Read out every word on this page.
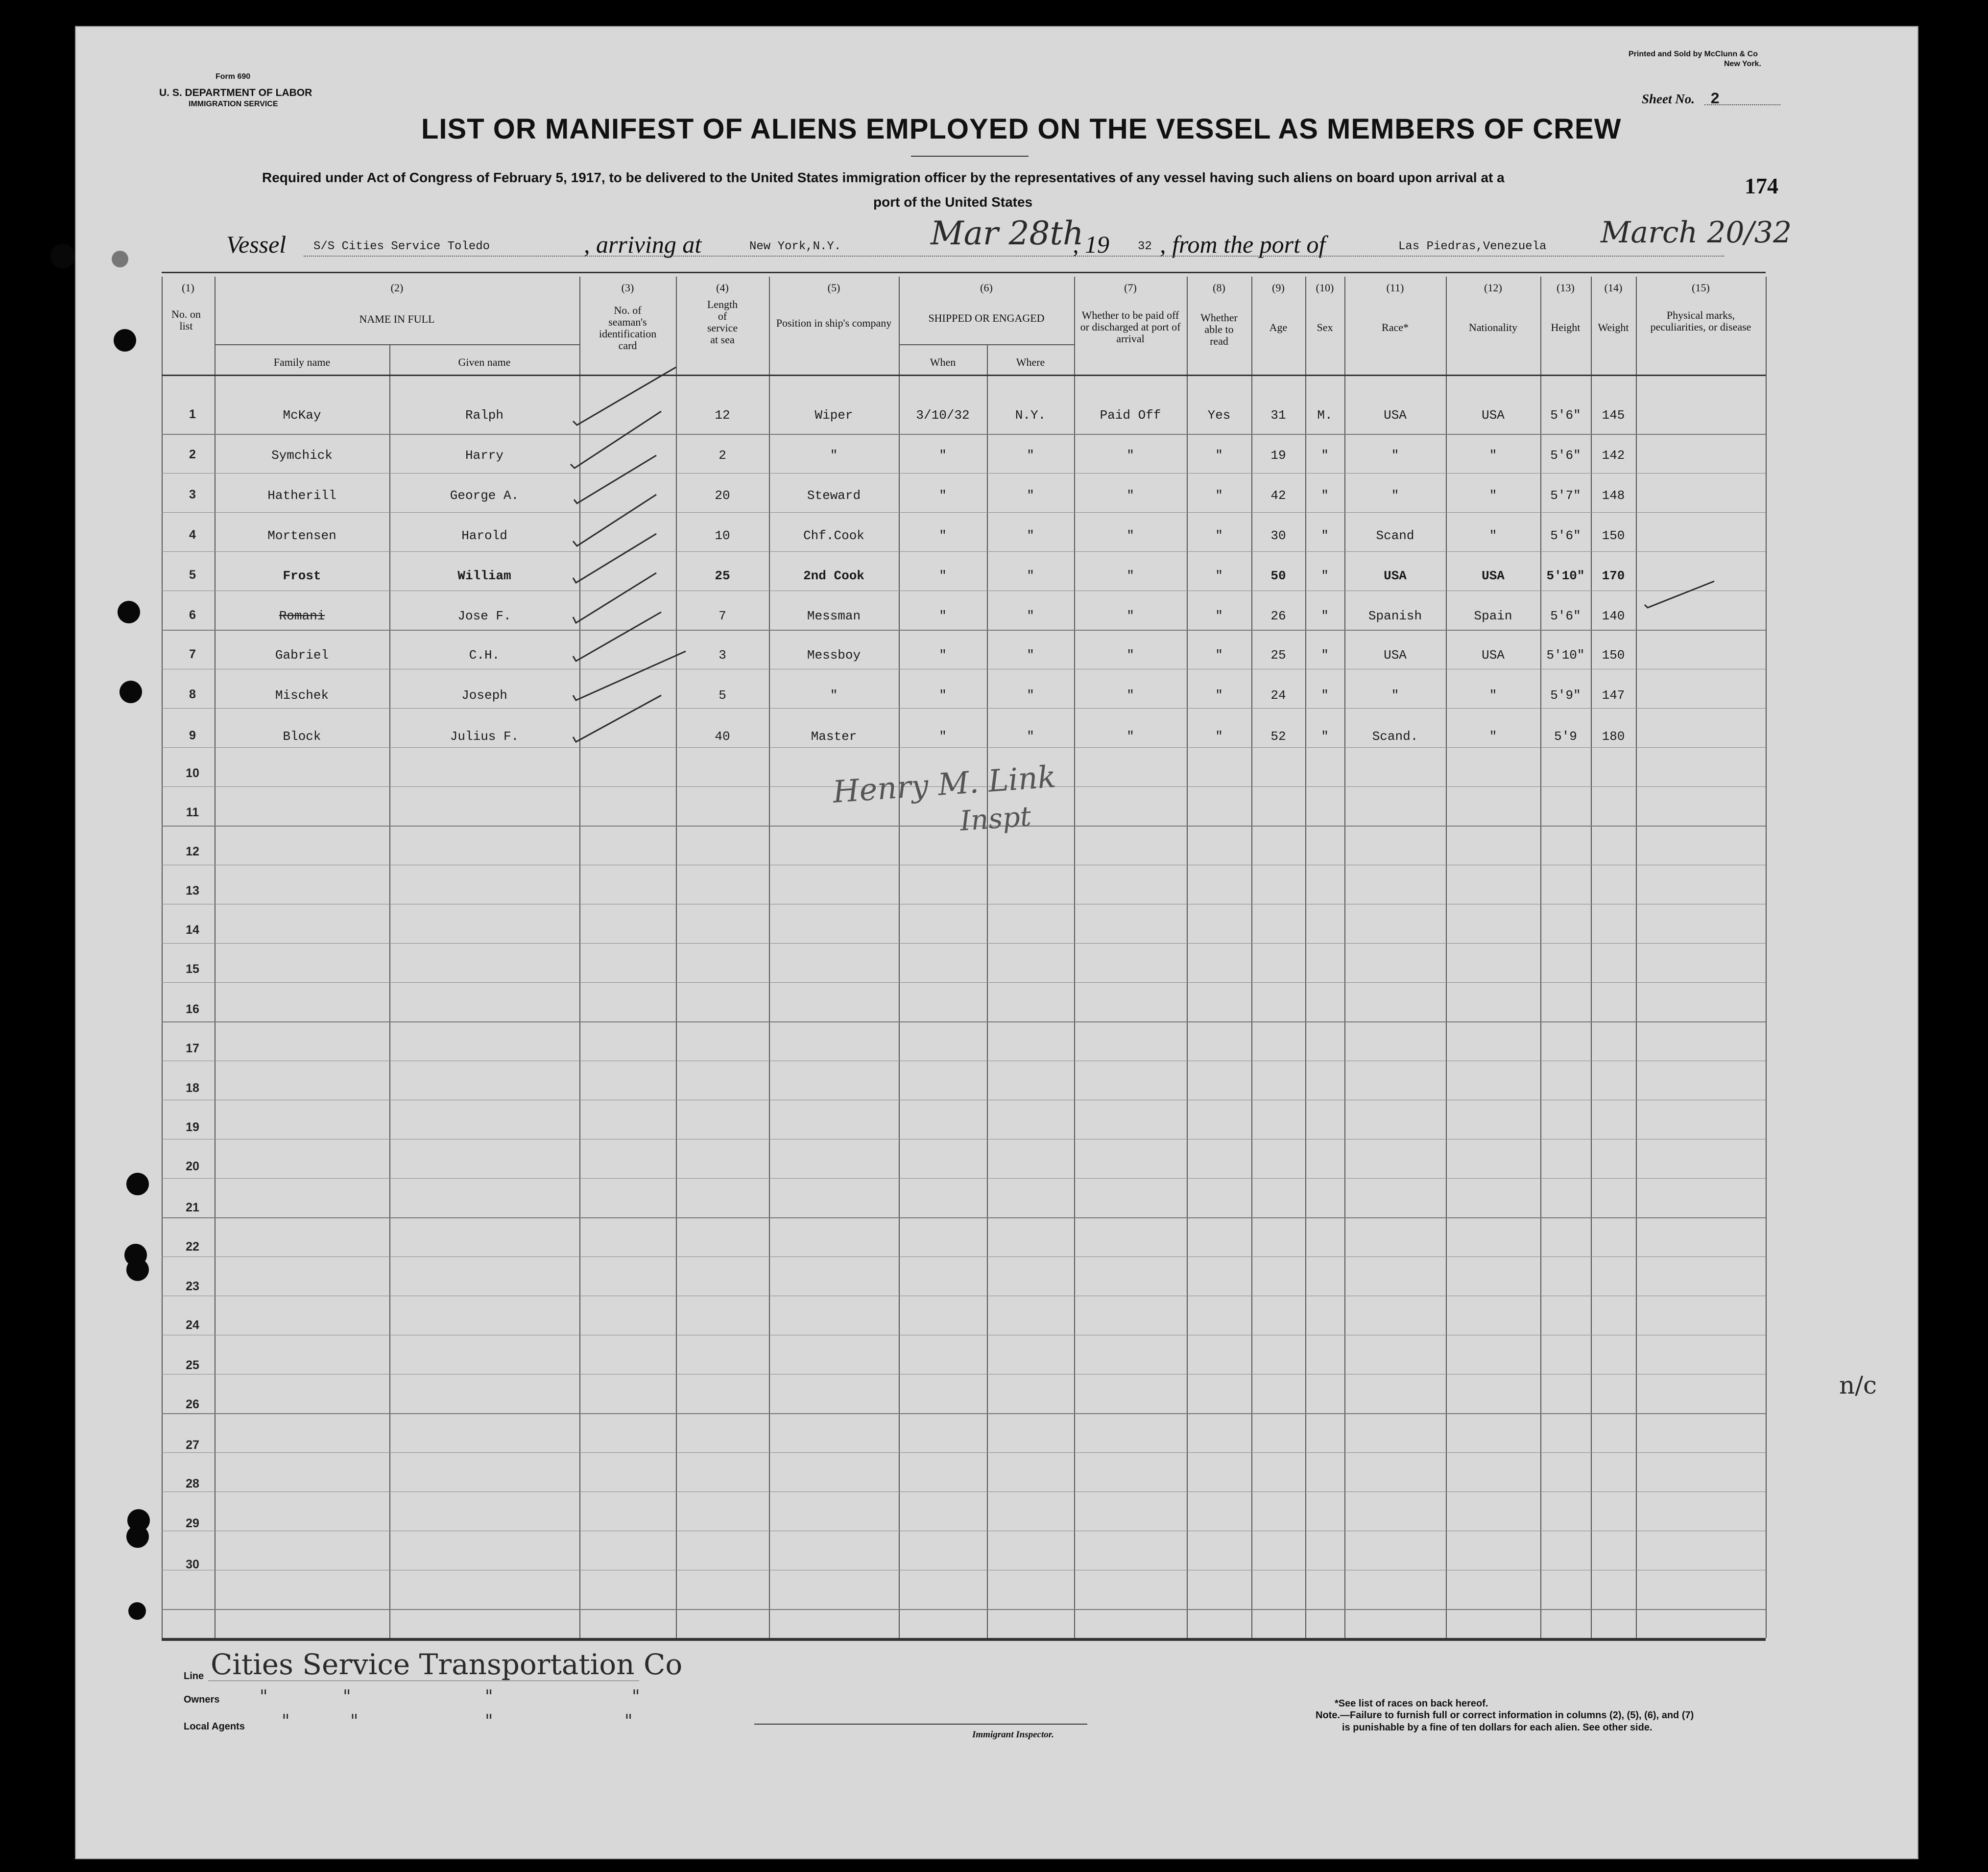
Form 690
U. S. DEPARTMENT OF LABOR
IMMIGRATION SERVICE
Printed and Sold by McClunn & Co
New York.
Sheet No. 2
LIST OR MANIFEST OF ALIENS EMPLOYED ON THE VESSEL AS MEMBERS OF CREW
Required under Act of Congress of February 5, 1917, to be delivered to the United States immigration officer by the representatives of any vessel having such aliens on board upon arrival at a
port of the United States
174
Vessel S/S Cities Service Toledo	, arriving at	New York,N.Y.	Mar 28th
, 19 32 , from the port of	Las Piedras,Venezuela March 20/32
(1)	(2)	(3)	(4)	(5)	(6)	(7)	(8)	(9)	(10)	(11)	(12)	(13)	(14)	(15)
No. on list
NAME IN FULL
Family name	Given name
No. of seaman's identification card
Length of service at sea
Position in ship's company	SHIPPED OR ENGAGED
When	Where
Whether to be paid off or discharged at port of arrival
Whether able to read
Age	Sex	Race*	Nationality	Height	Weight
Physical marks, peculiarities, or disease
1	McKay	Ralph	12	Wiper	3/10/32	N.Y.	Paid Off	Yes	31	M.	USA	USA	5'6"	145
2	Symchick	Harry	2	"	"	"	"	"	19	"	"	"	5'6"	142
3	Hatherill	George A.	20	Steward	"	"	"	"	42	"	"	"	5'7"	148
4	Mortensen	Harold	10	Chf.Cook	"	"	"	"	30	"	Scand	"	5'6"	150
5	Frost	William	25	2nd Cook	"	"	"	"	50	"	USA	USA	5'10"	170
6	Romani	Jose F.	7	Messman	"	"	"	"	26	"	Spanish	Spain	5'6"	140
7	Gabriel	C.H.	3	Messboy	"	"	"	"	25	"	USA	USA	5'10"	150
8	Mischek	Joseph	5	"	"	"	"	"	24	"	"	"	5'9"	147
9	Block	Julius F.	40	Master	"	"	"	"	52	"	Scand.	"	5'9	180
10
11
12
13
14
15
16
17
18
19
20
21
22
23
24
25
26
27
28
29
30
Henry M. Link
Inspt
Line Cities Service Transportation Co
Owners "	"	"	"
Local Agents "	"	"	"
Immigrant Inspector.
*See list of races on back hereof.
Note.—Failure to furnish full or correct information in columns (2), (5), (6), and (7)
is punishable by a fine of ten dollars for each alien. See other side.
n/c
